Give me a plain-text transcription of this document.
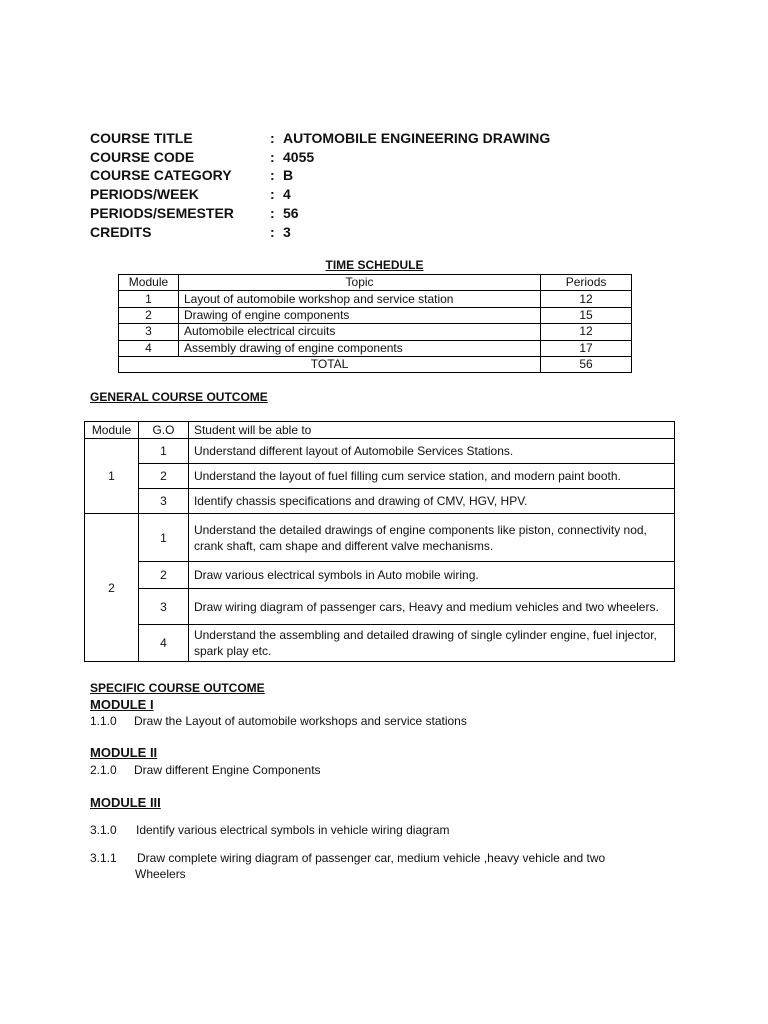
COURSE TITLE	: AUTOMOBILE ENGINEERING DRAWING
COURSE CODE	: 4055
COURSE CATEGORY	: B
PERIODS/WEEK	: 4
PERIODS/SEMESTER	: 56
CREDITS	: 3
TIME SCHEDULE
Module	Topic	Periods
1	Layout of automobile workshop and service station	12
2	Drawing of engine components	15
3	Automobile electrical circuits	12
4	Assembly drawing of engine components	17
TOTAL		56
GENERAL COURSE OUTCOME
Module	G.O	Student will be able to
1	1	Understand different layout of Automobile Services Stations.
	2	Understand the layout of fuel filling cum service station, and modern paint booth.
	3	Identify chassis specifications and drawing of CMV, HGV, HPV.
2	1	Understand the detailed drawings of engine components like piston, connectivity nod, crank shaft, cam shape and different valve mechanisms.
	2	Draw various electrical symbols in Auto mobile wiring.
	3	Draw wiring diagram of passenger cars, Heavy and medium vehicles and two wheelers.
	4	Understand the assembling and detailed drawing of single cylinder engine, fuel injector, spark play etc.
SPECIFIC COURSE OUTCOME
MODULE I
1.1.0 Draw the Layout of automobile workshops and service stations
MODULE II
2.1.0 Draw different Engine Components
MODULE III
3.1.0 Identify various electrical symbols in vehicle wiring diagram
3.1.1 Draw complete wiring diagram of passenger car, medium vehicle ,heavy vehicle and two Wheelers
